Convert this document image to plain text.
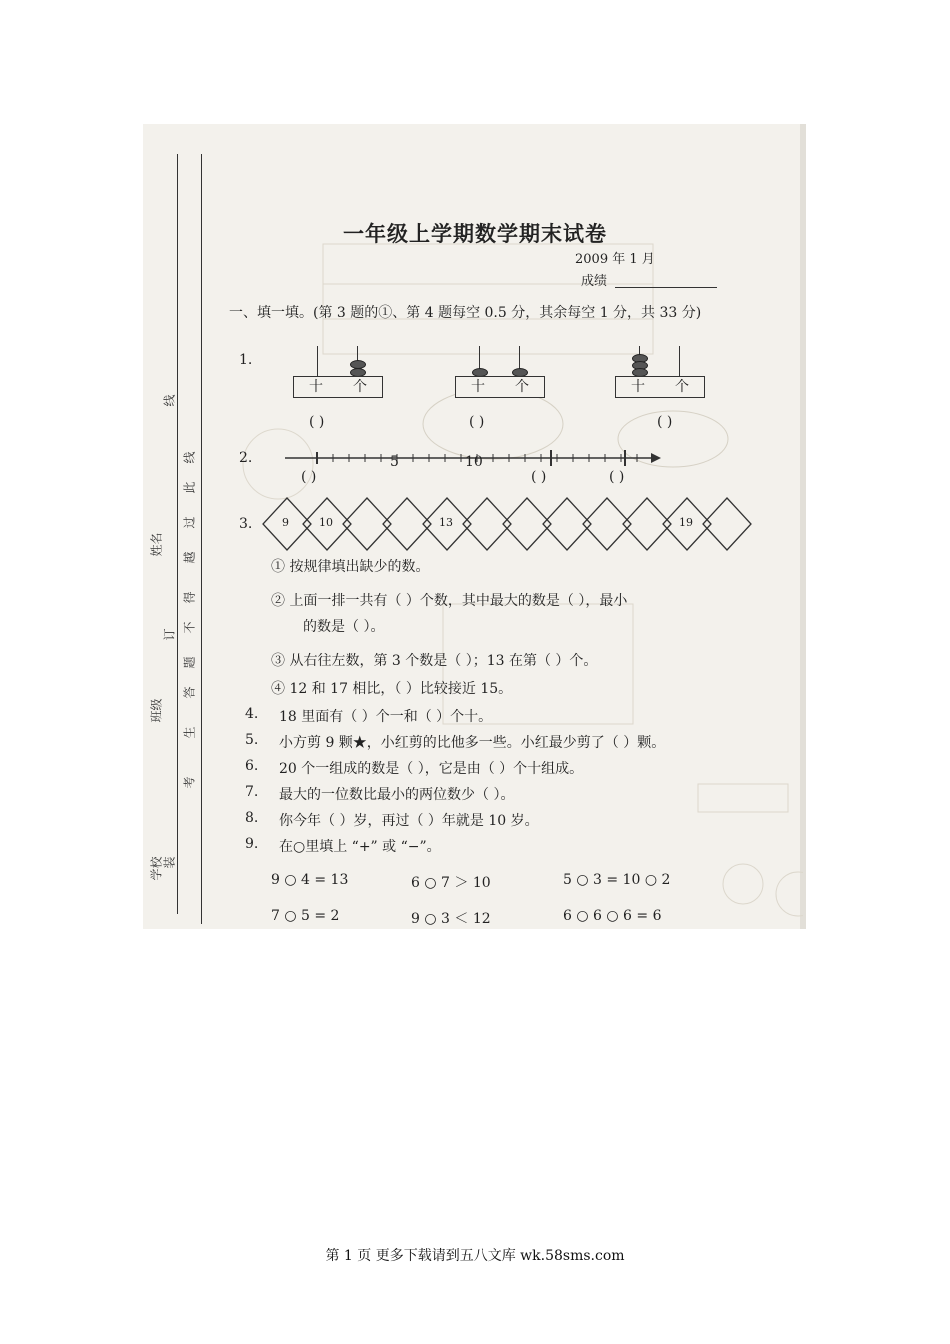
学校
班级
姓名
线
订
装
考
生
答
题
不
得
越
过
此
线
一年级上学期数学期末试卷
2009 年 1 月
成绩
一、填一填。(第 3 题的①、第 4 题每空 0.5 分，其余每空 1 分，共 33 分)
1.
十	个
( )
十	个
( )
十	个
( )
2.	5	10
( )	( )	( )
3.	9	10	13	19
① 按规律填出缺少的数。
② 上面一排一共有（ ）个数，其中最大的数是（ ），最小
的数是（ ）。
③ 从右往左数，第 3 个数是（ ）；13 在第（ ）个。
④ 12 和 17 相比，（ ）比较接近 15。
4. 18 里面有（ ）个一和（ ）个十。
5. 小方剪 9 颗★，小红剪的比他多一些。小红最少剪了（ ）颗。
6. 20 个一组成的数是（ ），它是由（ ）个十组成。
7. 最大的一位数比最小的两位数少（ ）。
8. 你今年（ ）岁，再过（ ）年就是 10 岁。
9. 在○里填上 “+” 或 “−”。
9 ○ 4 = 13	6 ○ 7 ＞ 10	5 ○ 3 = 10 ○ 2
7 ○ 5 = 2	9 ○ 3 ＜ 12	6 ○ 6 ○ 6 = 6
第 1 页 更多下载请到五八文库 wk.58sms.com
